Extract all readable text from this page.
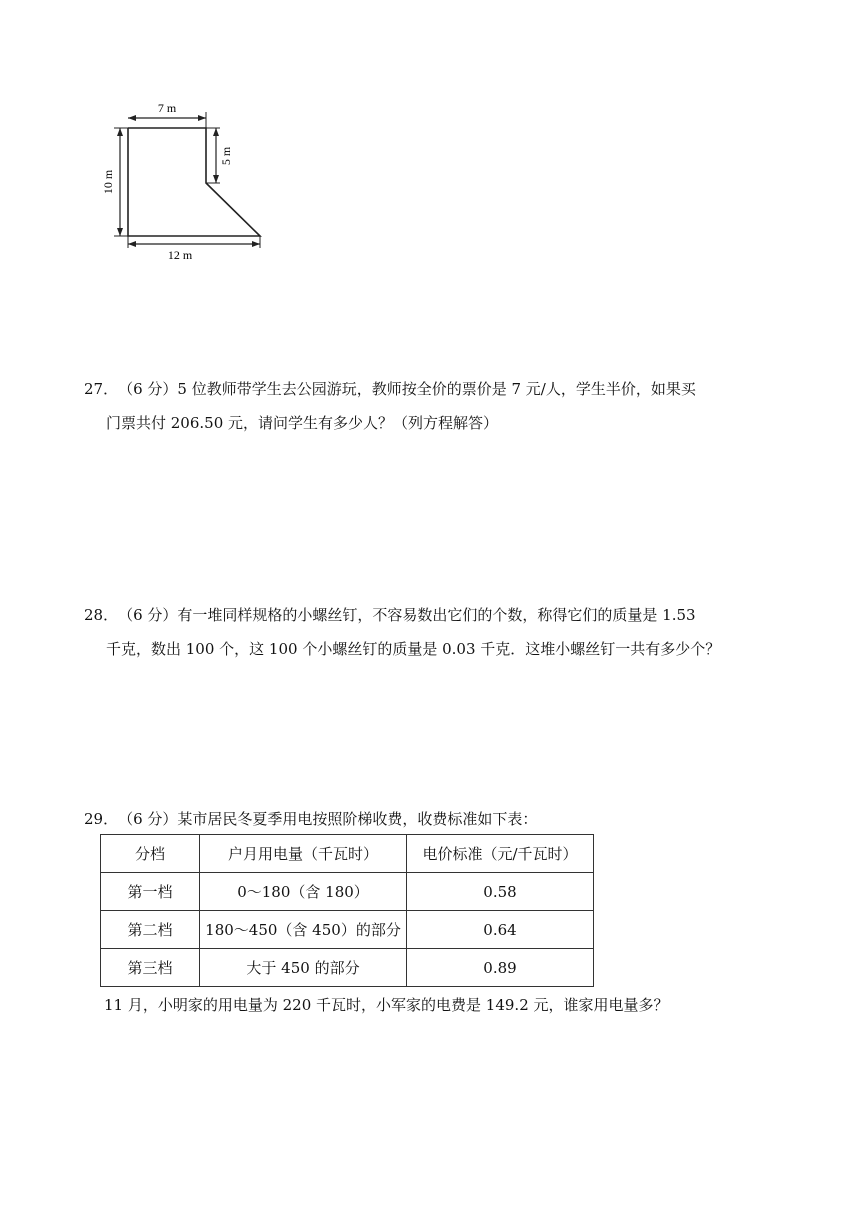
7 m
12 m
10 m
5 m
27．（6 分）5 位教师带学生去公园游玩，教师按全价的票价是 7 元/人，学生半价，如果买
门票共付 206.50 元，请问学生有多少人？（列方程解答）
28．（6 分）有一堆同样规格的小螺丝钉，不容易数出它们的个数，称得它们的质量是 1.53
千克，数出 100 个，这 100 个小螺丝钉的质量是 0.03 千克．这堆小螺丝钉一共有多少个？
29．（6 分）某市居民冬夏季用电按照阶梯收费，收费标准如下表：
分档	户月用电量（千瓦时）	电价标准（元/千瓦时）
第一档	0～180（含 180）	0.58
第二档	180～450（含 450）的部分	0.64
第三档	大于 450 的部分	0.89
11 月，小明家的用电量为 220 千瓦时，小军家的电费是 149.2 元，谁家用电量多？
